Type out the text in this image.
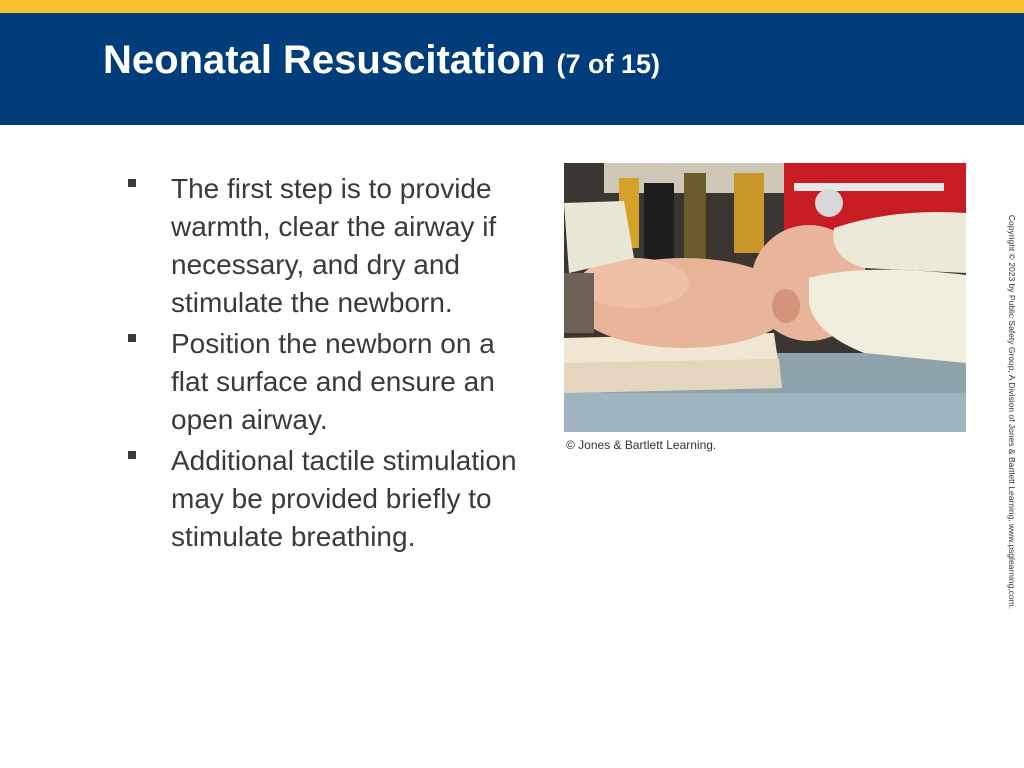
Neonatal Resuscitation (7 of 15)
The first step is to provide warmth, clear the airway if necessary, and dry and stimulate the newborn.
Position the newborn on a flat surface and ensure an open airway.
Additional tactile stimulation may be provided briefly to stimulate breathing.
© Jones & Bartlett Learning.	Copyright © 2023 by Public Safety Group, A Division of Jones & Bartlett Learning. www.psglearning.com.
